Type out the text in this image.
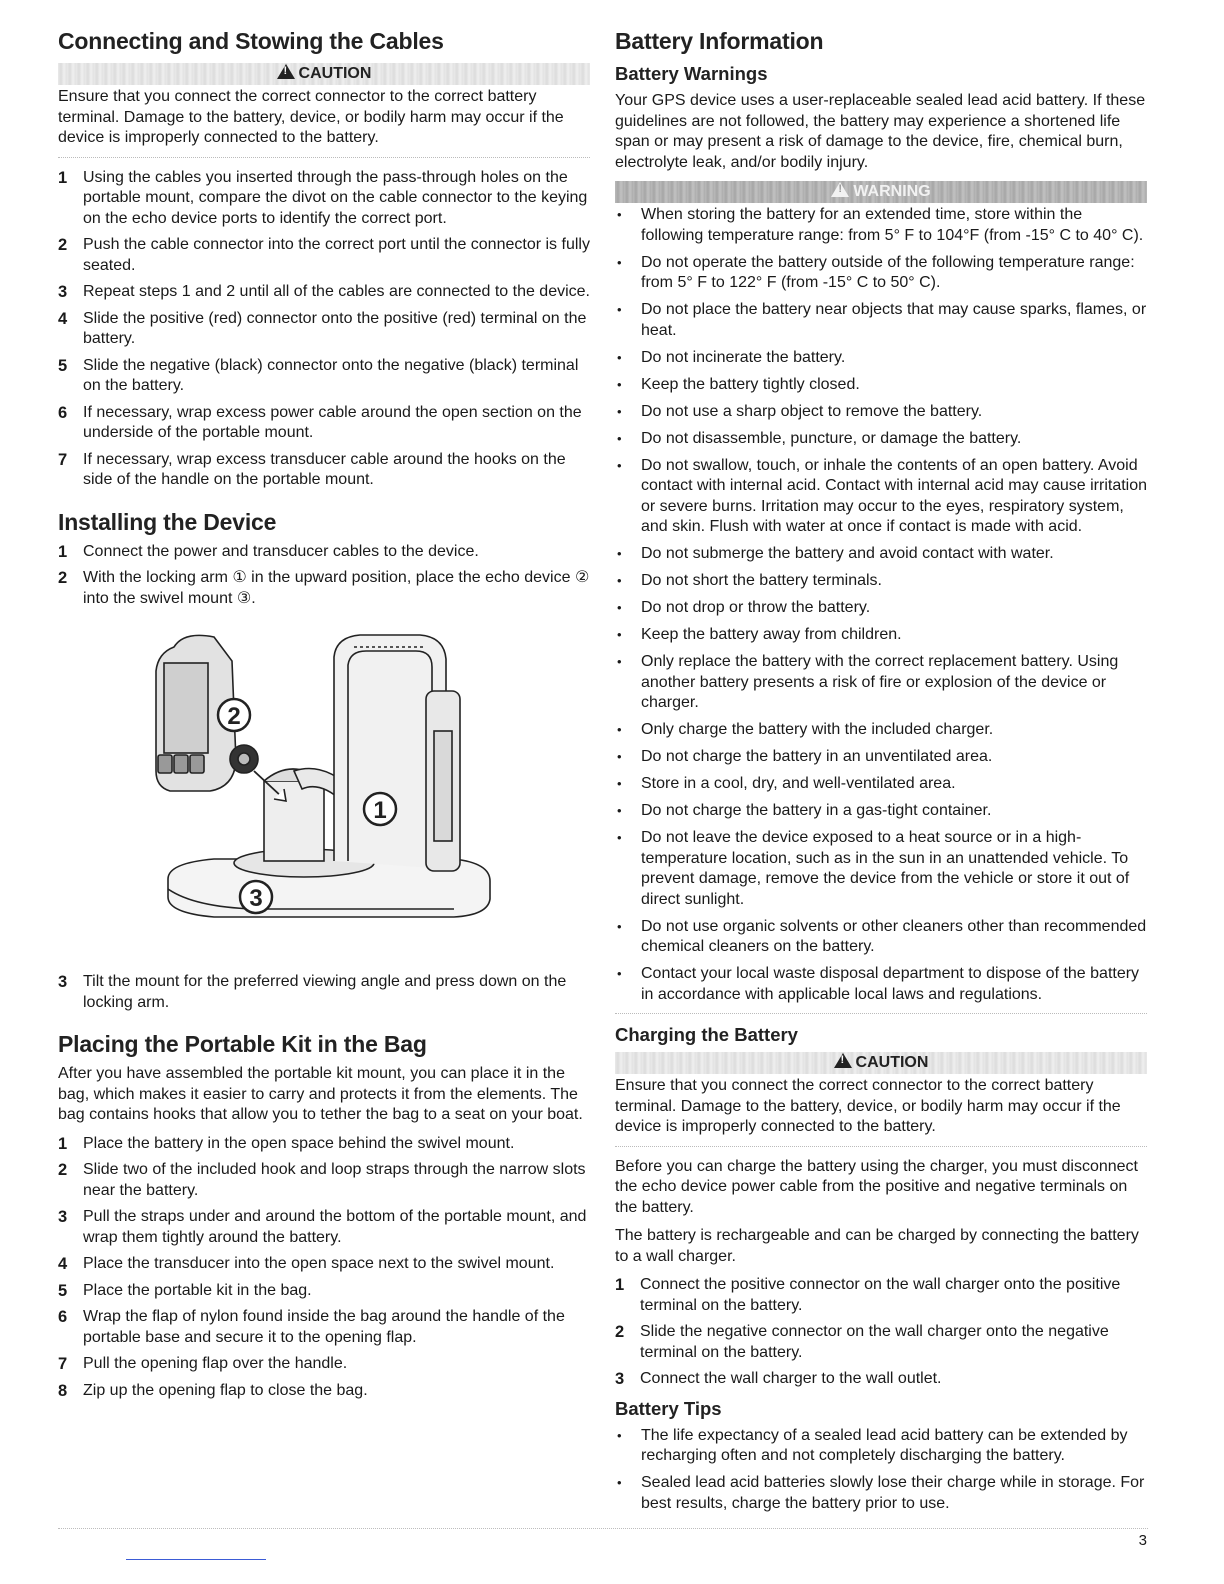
Connecting and Stowing the Cables
!CAUTION

Ensure that you connect the correct connector to the correct battery terminal. Damage to the battery, device, or bodily harm may occur if the device is improperly connected to the battery.

1 Using the cables you inserted through the pass-through holes on the portable mount, compare the divot on the cable connector to the keying on the echo device ports to identify the correct port.
2 Push the cable connector into the correct port until the connector is fully seated.
3 Repeat steps 1 and 2 until all of the cables are connected to the device.
4 Slide the positive (red) connector onto the positive (red) terminal on the battery.
5 Slide the negative (black) connector onto the negative (black) terminal on the battery.
6 If necessary, wrap excess power cable around the open section on the underside of the portable mount.
7 If necessary, wrap excess transducer cable around the hooks on the side of the handle on the portable mount.
Installing the Device
1 Connect the power and transducer cables to the device.
2 With the locking arm ① in the upward position, place the echo device ② into the swivel mount ③.
2
1
3
3 Tilt the mount for the preferred viewing angle and press down on the locking arm.
Placing the Portable Kit in the Bag

After you have assembled the portable kit mount, you can place it in the bag, which makes it easier to carry and protects it from the elements. The bag contains hooks that allow you to tether the bag to a seat on your boat.

1 Place the battery in the open space behind the swivel mount.
2 Slide two of the included hook and loop straps through the narrow slots near the battery.
3 Pull the straps under and around the bottom of the portable mount, and wrap them tightly around the battery.
4 Place the transducer into the open space next to the swivel mount.
5 Place the portable kit in the bag.
6 Wrap the flap of nylon found inside the bag around the handle of the portable base and secure it to the opening flap.
7 Pull the opening flap over the handle.
8 Zip up the opening flap to close the bag.
Battery Information
Battery Warnings

Your GPS device uses a user-replaceable sealed lead acid battery. If these guidelines are not followed, the battery may experience a shortened life span or may present a risk of damage to the device, fire, chemical burn, electrolyte leak, and/or bodily injury.

!WARNING
• When storing the battery for an extended time, store within the following temperature range: from 5° F to 104°F (from -15° C to 40° C).
• Do not operate the battery outside of the following temperature range: from 5° F to 122° F (from -15° C to 50° C).
• Do not place the battery near objects that may cause sparks, flames, or heat.
• Do not incinerate the battery.
• Keep the battery tightly closed.
• Do not use a sharp object to remove the battery.
• Do not disassemble, puncture, or damage the battery.
• Do not swallow, touch, or inhale the contents of an open battery. Avoid contact with internal acid. Contact with internal acid may cause irritation or severe burns. Irritation may occur to the eyes, respiratory system, and skin. Flush with water at once if contact is made with acid.
• Do not submerge the battery and avoid contact with water.
• Do not short the battery terminals.
• Do not drop or throw the battery.
• Keep the battery away from children.
• Only replace the battery with the correct replacement battery. Using another battery presents a risk of fire or explosion of the device or charger.
• Only charge the battery with the included charger.
• Do not charge the battery in an unventilated area.
• Store in a cool, dry, and well-ventilated area.
• Do not charge the battery in a gas-tight container.
• Do not leave the device exposed to a heat source or in a high-temperature location, such as in the sun in an unattended vehicle. To prevent damage, remove the device from the vehicle or store it out of direct sunlight.
• Do not use organic solvents or other cleaners other than recommended chemical cleaners on the battery.
• Contact your local waste disposal department to dispose of the battery in accordance with applicable local laws and regulations.
Charging the Battery
!CAUTION

Ensure that you connect the correct connector to the correct battery terminal. Damage to the battery, device, or bodily harm may occur if the device is improperly connected to the battery.

Before you can charge the battery using the charger, you must disconnect the echo device power cable from the positive and negative terminals on the battery.

The battery is rechargeable and can be charged by connecting the battery to a wall charger.

1 Connect the positive connector on the wall charger onto the positive terminal on the battery.
2 Slide the negative connector on the wall charger onto the negative terminal on the battery.
3 Connect the wall charger to the wall outlet.
Battery Tips
• The life expectancy of a sealed lead acid battery can be extended by recharging often and not completely discharging the battery.
• Sealed lead acid batteries slowly lose their charge while in storage. For best results, charge the battery prior to use.
3
